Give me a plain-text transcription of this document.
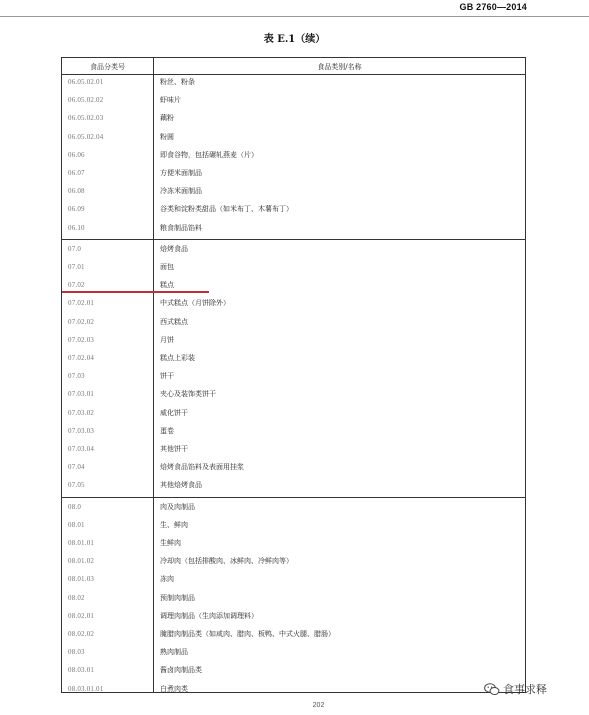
GB 2760—2014
表 E.1（续）
食品分类号	食品类别/名称
06.05.02.01	粉丝、粉条
06.05.02.02	虾味片
06.05.02.03	藕粉
06.05.02.04	粉圆
06.06	即食谷物，包括碾轧燕麦（片）
06.07	方便米面制品
06.08	冷冻米面制品
06.09	谷类和淀粉类甜品（如米布丁、木薯布丁）
06.10	粮食制品馅料
07.0	焙烤食品
07.01	面包
07.02	糕点
07.02.01	中式糕点（月饼除外）
07.02.02	西式糕点
07.02.03	月饼
07.02.04	糕点上彩装
07.03	饼干
07.03.01	夹心及装饰类饼干
07.03.02	威化饼干
07.03.03	蛋卷
07.03.04	其他饼干
07.04	焙烤食品馅料及表面用挂浆
07.05	其他焙烤食品
08.0	肉及肉制品
08.01	生、鲜肉
08.01.01	生鲜肉
08.01.02	冷却肉（包括排酸肉、冰鲜肉、冷鲜肉等）
08.01.03	冻肉
08.02	预制肉制品
08.02.01	调理肉制品（生肉添加调理料）
08.02.02	腌腊肉制品类（如咸肉、腊肉、板鸭、中式火腿、腊肠）
08.03	熟肉制品
08.03.01	酱卤肉制品类
08.03.01.01	白煮肉类	食事求释
202
